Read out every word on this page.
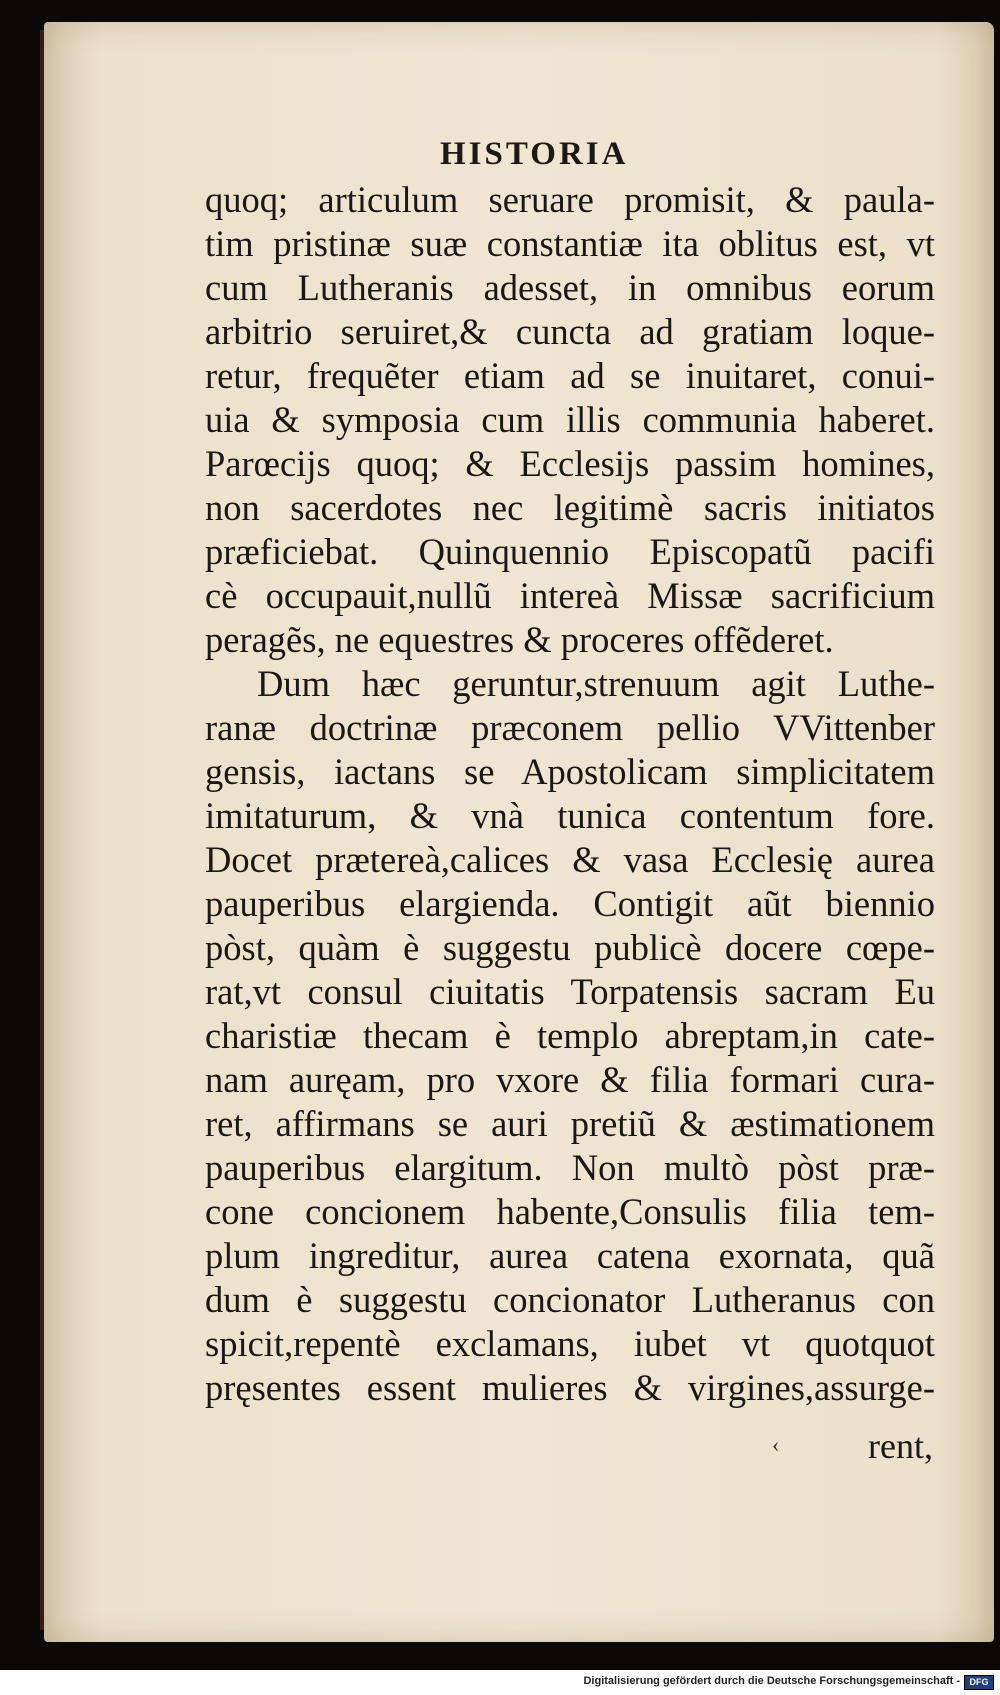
HISTORIA
quoq; articulum seruare promisit, & paula-
tim pristinæ suæ constantiæ ita oblitus est, vt
cum Lutheranis adesset, in omnibus eorum
arbitrio seruiret,& cuncta ad gratiam loque-
retur, frequẽter etiam ad se inuitaret, conui-
uia & symposia cum illis communia haberet.
Parœcijs quoq; & Ecclesijs passim homines,
non sacerdotes nec legitimè sacris initiatos
præficiebat. Quinquennio Episcopatũ pacifi
cè occupauit,nullũ intereà Missæ sacrificium
peragẽs, ne equestres & proceres offẽderet.
Dum hæc geruntur,strenuum agit Luthe-
ranæ doctrinæ præconem pellio VVittenber
gensis, iactans se Apostolicam simplicitatem
imitaturum, & vnà tunica contentum fore.
Docet prætereà,calices & vasa Ecclesię aurea
pauperibus elargienda. Contigit aũt biennio
pòst, quàm è suggestu publicè docere cœpe-
rat,vt consul ciuitatis Torpatensis sacram Eu
charistiæ thecam è templo abreptam,in cate-
nam auręam, pro vxore & filia formari cura-
ret, affirmans se auri pretiũ & æstimationem
pauperibus elargitum. Non multò pòst præ-
cone concionem habente,Consulis filia tem-
plum ingreditur, aurea catena exornata, quã
dum è suggestu concionator Lutheranus con
spicit,repentè exclamans, iubet vt quotquot
pręsentes essent mulieres & virgines,assurge-
‹ rent,
Digitalisierung gefördert durch die Deutsche Forschungsgemeinschaft -	DFG
